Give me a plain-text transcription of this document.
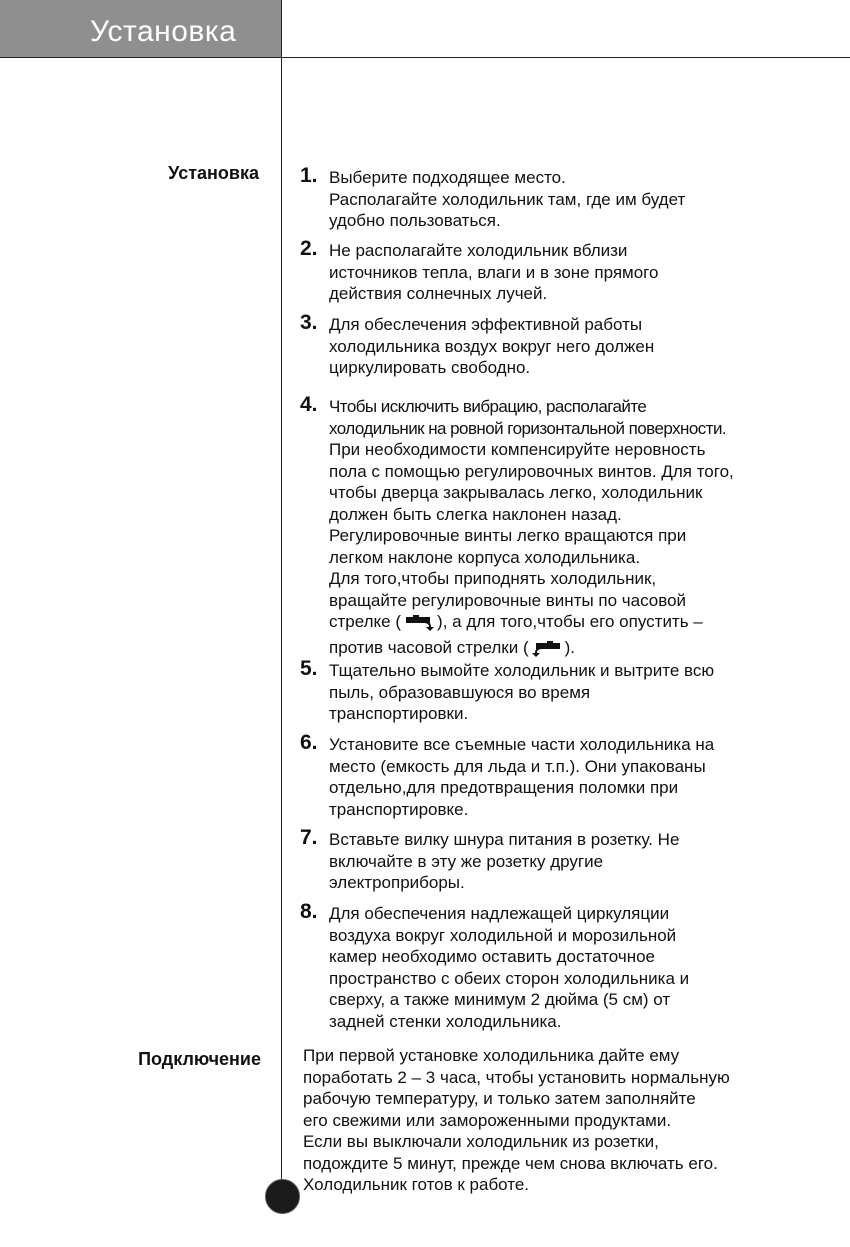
Установка
Установка
Подключение
1. Выберите подходящее место.
Располагайте холодильник там, где им будет
удобно пользоваться.
2. Не располагайте холодильник вблизи
источников тепла, влаги и в зоне прямого
действия солнечных лучей.
3. Для обеслечения эффективной работы
холодильника воздух вокруг него должен
циркулировать свободно.
4. Чтобы исключить вибрацию, располагайте
холодильник на ровной горизонтальной поверхности.
При необходимости компенсируйте неровность
пола с помощью регулировочных винтов. Для того,
чтобы дверца закрывалась легко, холодильник
должен быть слегка наклонен назад.
Регулировочные винты легко вращаются при
легком наклоне корпуса холодильника.
Для того,чтобы приподнять холодильник,
вращайте регулировочные винты по часовой
стрелке ( ), а для того,чтобы его опустить –
против часовой стрелки ( ).
5. Тщательно вымойте холодильник и вытрите всю
пыль, образовавшуюся во время
транспортировки.
6. Установите все съемные части холодильника на
место (емкость для льда и т.п.). Они упакованы
отдельно,для предотвращения поломки при
транспортировке.
7. Вставьте вилку шнура питания в розетку. Не
включайте в эту же розетку другие
электроприборы.
8. Для обеспечения надлежащей циркуляции
воздуха вокруг холодильной и морозильной
камер необходимо оставить достаточное
пространство с обеих сторон холодильника и
сверху, а также минимум 2 дюйма (5 см) от
задней стенки холодильника.
При первой установке холодильника дайте ему
поработать 2 – 3 часа, чтобы установить нормальную
рабочую температуру, и только затем заполняйте
его свежими или замороженными продуктами.
Если вы выключали холодильник из розетки,
подождите 5 минут, прежде чем снова включать его.
Холодильник готов к работе.
